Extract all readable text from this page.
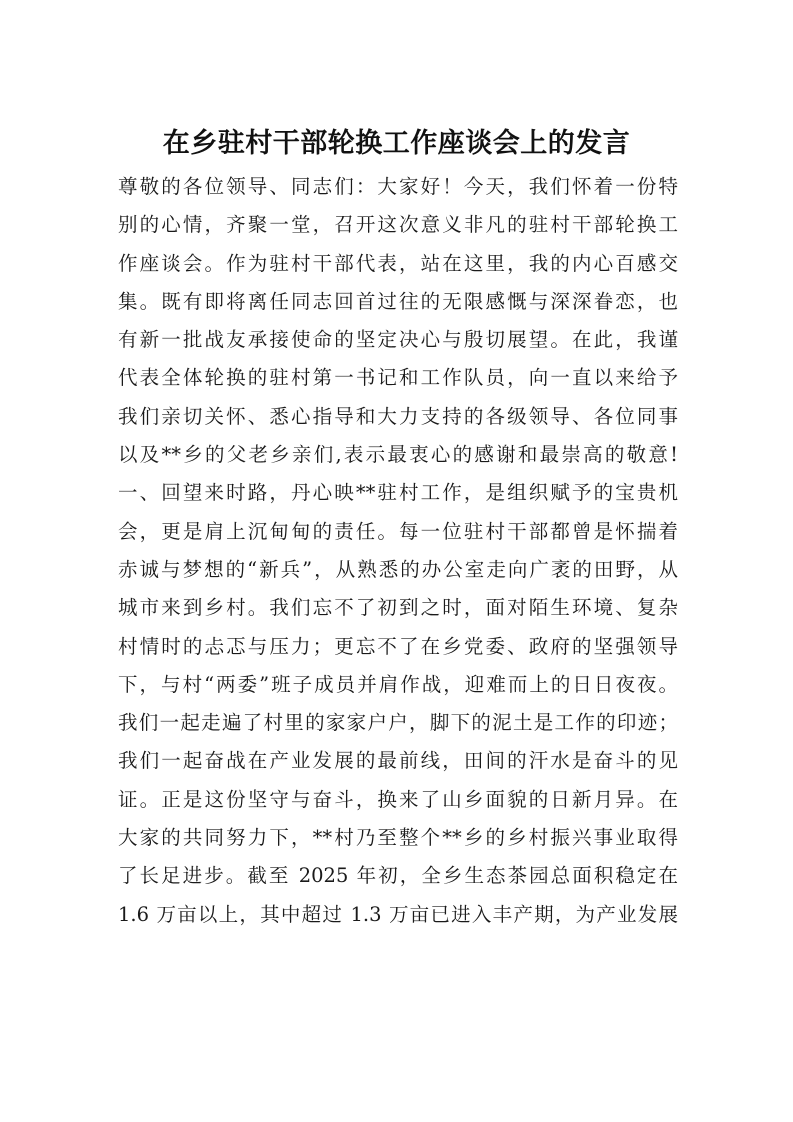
在乡驻村干部轮换工作座谈会上的发言
尊敬的各位领导、同志们：大家好！今天，我们怀着一份特
别的心情，齐聚一堂，召开这次意义非凡的驻村干部轮换工
作座谈会。作为驻村干部代表，站在这里，我的内心百感交
集。既有即将离任同志回首过往的无限感慨与深深眷恋，也
有新一批战友承接使命的坚定决心与殷切展望。在此，我谨
代表全体轮换的驻村第一书记和工作队员，向一直以来给予
我们亲切关怀、悉心指导和大力支持的各级领导、各位同事
以及**乡的父老乡亲们,表示最衷心的感谢和最崇高的敬意!
一、回望来时路，丹心映**驻村工作，是组织赋予的宝贵机
会，更是肩上沉甸甸的责任。每一位驻村干部都曾是怀揣着
赤诚与梦想的“新兵”，从熟悉的办公室走向广袤的田野，从
城市来到乡村。我们忘不了初到之时，面对陌生环境、复杂
村情时的忐忑与压力；更忘不了在乡党委、政府的坚强领导
下，与村“两委”班子成员并肩作战，迎难而上的日日夜夜。
我们一起走遍了村里的家家户户，脚下的泥土是工作的印迹；
我们一起奋战在产业发展的最前线，田间的汗水是奋斗的见
证。正是这份坚守与奋斗，换来了山乡面貌的日新月异。在
大家的共同努力下，**村乃至整个**乡的乡村振兴事业取得
了长足进步。截至 2025 年初，全乡生态茶园总面积稳定在
1.6 万亩以上，其中超过 1.3 万亩已进入丰产期，为产业发展
